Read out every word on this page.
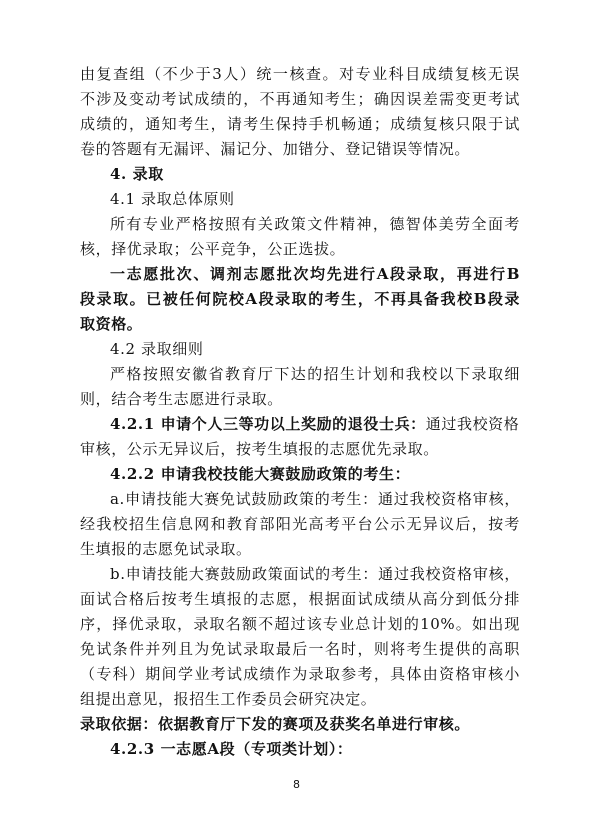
由复查组（不少于3人）统一核查。对专业科目成绩复核无误
不涉及变动考试成绩的，不再通知考生；确因误差需变更考试
成绩的，通知考生，请考生保持手机畅通；成绩复核只限于试
卷的答题有无漏评、漏记分、加错分、登记错误等情况。
4. 录取
4.1 录取总体原则
所有专业严格按照有关政策文件精神，德智体美劳全面考
核，择优录取；公平竞争，公正选拔。
一志愿批次、调剂志愿批次均先进行A段录取，再进行B
段录取。已被任何院校A段录取的考生，不再具备我校B段录
取资格。
4.2 录取细则
严格按照安徽省教育厅下达的招生计划和我校以下录取细
则，结合考生志愿进行录取。
4.2.1 申请个人三等功以上奖励的退役士兵：通过我校资格
审核，公示无异议后，按考生填报的志愿优先录取。
4.2.2 申请我校技能大赛鼓励政策的考生：
a.申请技能大赛免试鼓励政策的考生：通过我校资格审核，
经我校招生信息网和教育部阳光高考平台公示无异议后，按考
生填报的志愿免试录取。
b.申请技能大赛鼓励政策面试的考生：通过我校资格审核，
面试合格后按考生填报的志愿，根据面试成绩从高分到低分排
序，择优录取，录取名额不超过该专业总计划的10%。如出现
免试条件并列且为免试录取最后一名时，则将考生提供的高职
（专科）期间学业考试成绩作为录取参考，具体由资格审核小
组提出意见，报招生工作委员会研究决定。
录取依据：依据教育厅下发的赛项及获奖名单进行审核。
4.2.3 一志愿A段（专项类计划）：
8
